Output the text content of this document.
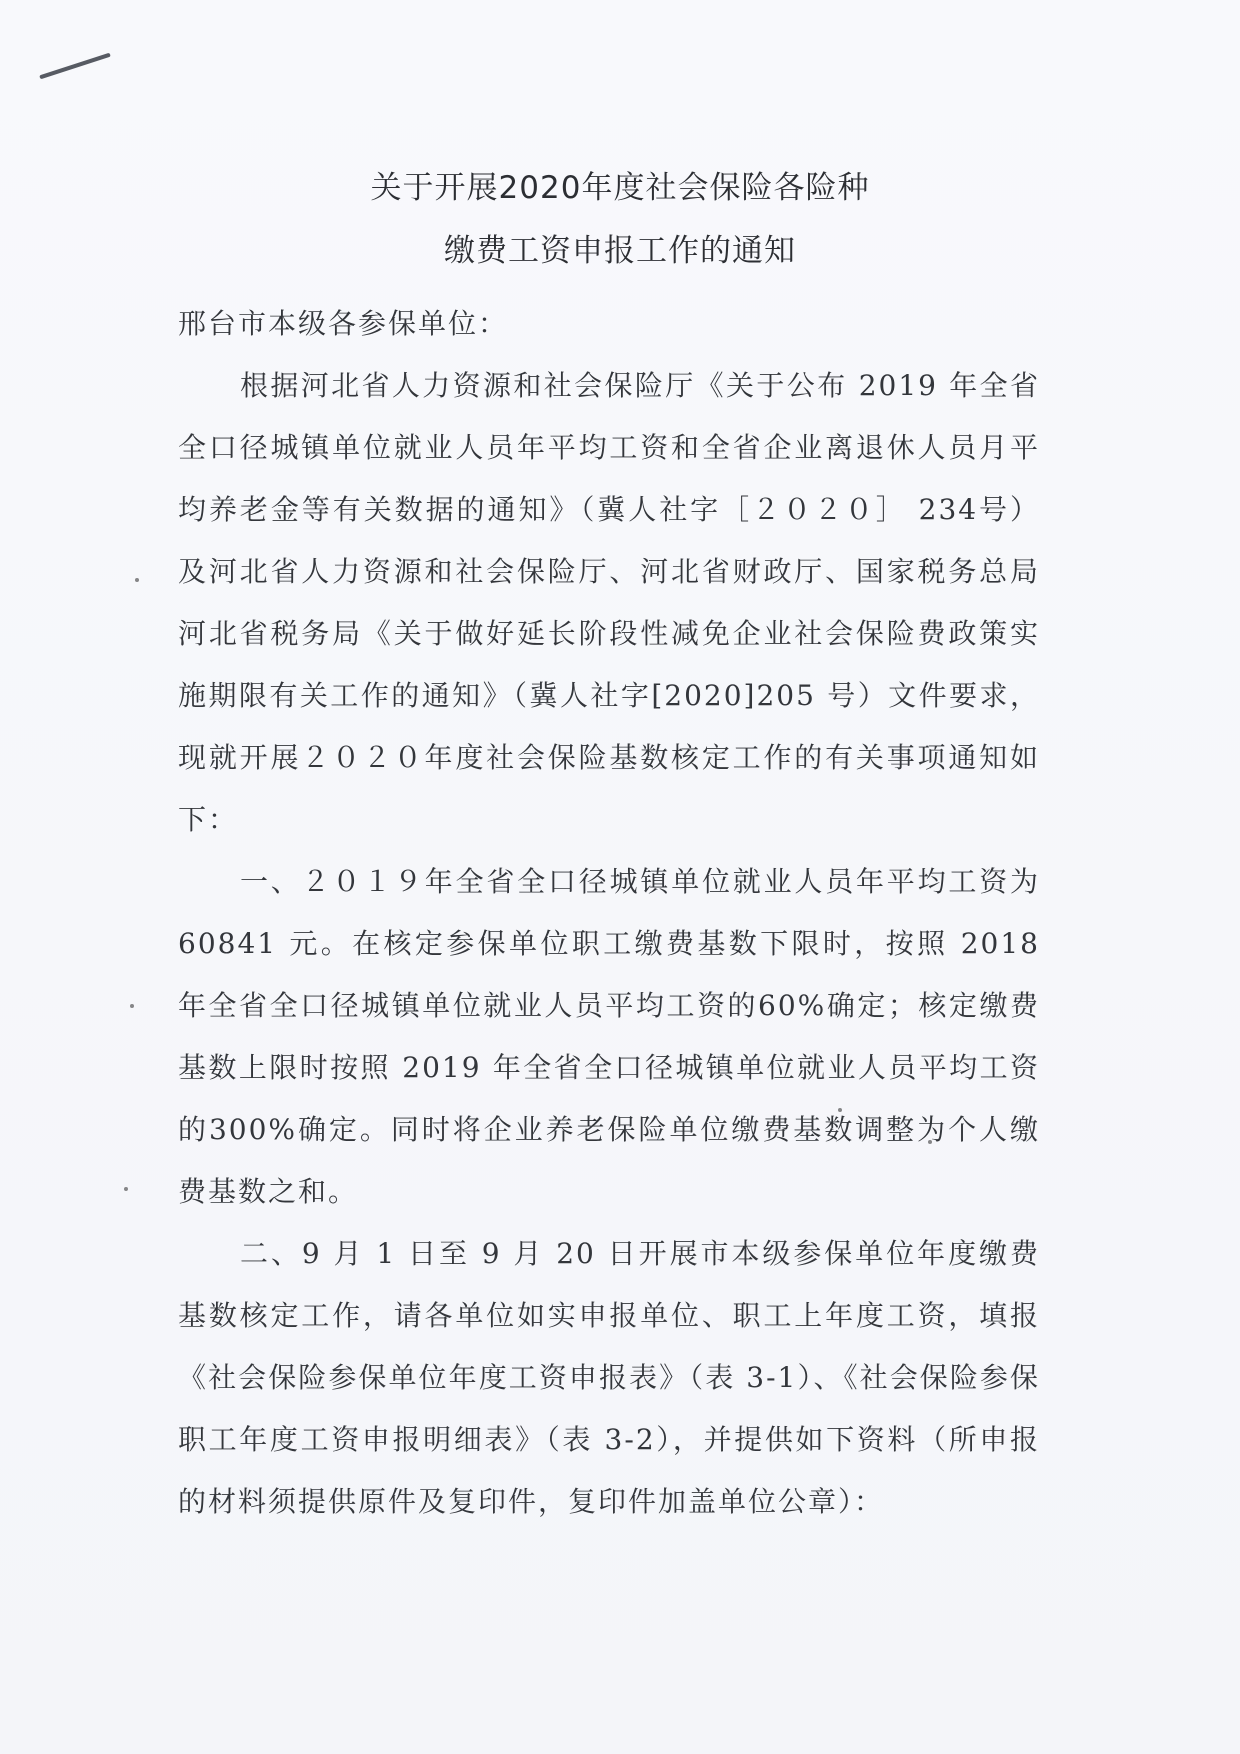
关于开展2020年度社会保险各险种
缴费工资申报工作的通知

邢台市本级各参保单位：

根据河北省人力资源和社会保险厅《关于公布 2019 年全省全口径城镇单位就业人员年平均工资和全省企业离退休人员月平均养老金等有关数据的通知》（冀人社字［２０２０］ 234号）及河北省人力资源和社会保险厅、河北省财政厅、国家税务总局河北省税务局《关于做好延长阶段性减免企业社会保险费政策实施期限有关工作的通知》（冀人社字[2020]205 号）文件要求，现就开展２０２０年度社会保险基数核定工作的有关事项通知如下：

一、２０１９年全省全口径城镇单位就业人员年平均工资为60841 元。在核定参保单位职工缴费基数下限时，按照 2018 年全省全口径城镇单位就业人员平均工资的60%确定；核定缴费基数上限时按照 2019 年全省全口径城镇单位就业人员平均工资的300%确定。同时将企业养老保险单位缴费基数调整为个人缴费基数之和。

二、9 月 1 日至 9 月 20 日开展市本级参保单位年度缴费基数核定工作，请各单位如实申报单位、职工上年度工资，填报《社会保险参保单位年度工资申报表》（表 3-1）、《社会保险参保职工年度工资申报明细表》（表 3-2），并提供如下资料（所申报的材料须提供原件及复印件，复印件加盖单位公章）：
